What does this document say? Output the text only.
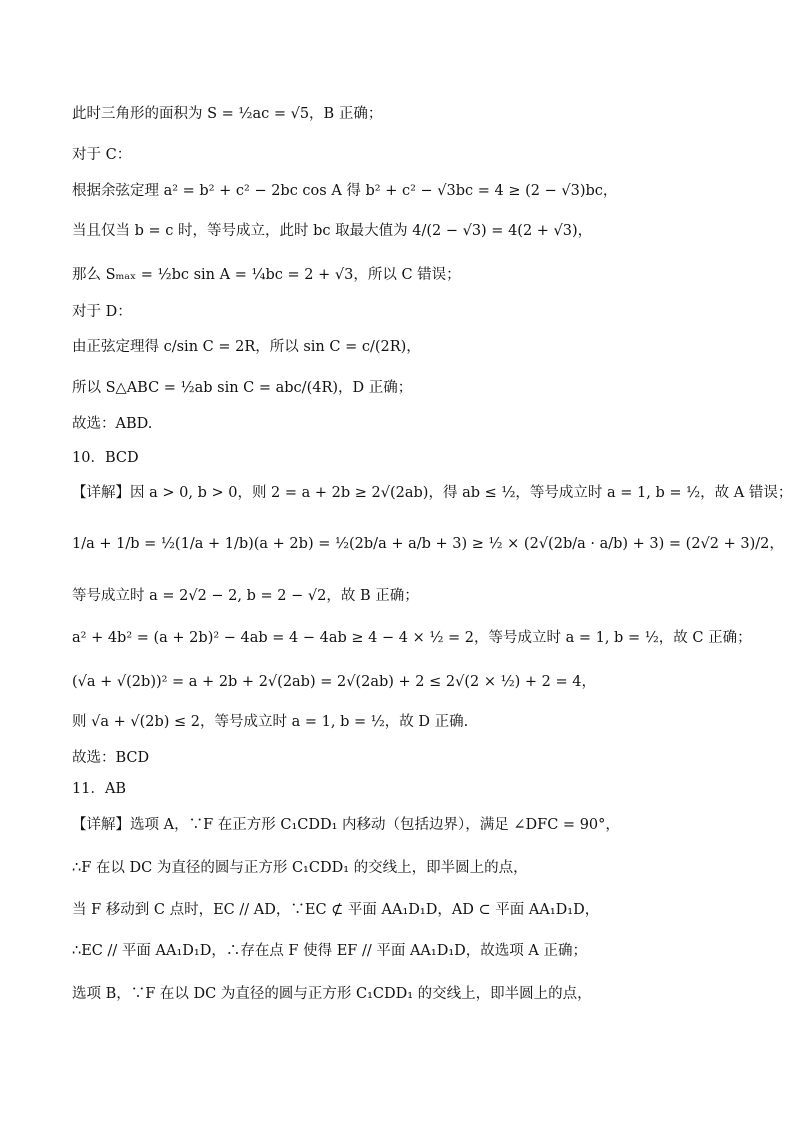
此时三角形的面积为 S = ½ac = √5，B 正确；
对于 C：
根据余弦定理 a² = b² + c² − 2bc cos A 得 b² + c² − √3bc = 4 ≥ (2 − √3)bc，
当且仅当 b = c 时，等号成立，此时 bc 取最大值为 4/(2 − √3) = 4(2 + √3)，
那么 Sₘₐₓ = ½bc sin A = ¼bc = 2 + √3，所以 C 错误；
对于 D：
由正弦定理得 c/sin C = 2R，所以 sin C = c/(2R)，
所以 S△ABC = ½ab sin C = abc/(4R)，D 正确；
故选：ABD.
10．BCD
【详解】因 a > 0, b > 0，则 2 = a + 2b ≥ 2√(2ab)，得 ab ≤ ½，等号成立时 a = 1, b = ½，故 A 错误；
1/a + 1/b = ½(1/a + 1/b)(a + 2b) = ½(2b/a + a/b + 3) ≥ ½ × (2√(2b/a · a/b) + 3) = (2√2 + 3)/2，
等号成立时 a = 2√2 − 2, b = 2 − √2，故 B 正确；
a² + 4b² = (a + 2b)² − 4ab = 4 − 4ab ≥ 4 − 4 × ½ = 2，等号成立时 a = 1, b = ½，故 C 正确；
(√a + √(2b))² = a + 2b + 2√(2ab) = 2√(2ab) + 2 ≤ 2√(2 × ½) + 2 = 4，
则 √a + √(2b) ≤ 2，等号成立时 a = 1, b = ½，故 D 正确.
故选：BCD
11．AB
【详解】选项 A，∵F 在正方形 C₁CDD₁ 内移动（包括边界），满足 ∠DFC = 90°，
∴F 在以 DC 为直径的圆与正方形 C₁CDD₁ 的交线上，即半圆上的点，
当 F 移动到 C 点时，EC // AD，∵EC ⊄ 平面 AA₁D₁D，AD ⊂ 平面 AA₁D₁D，
∴EC // 平面 AA₁D₁D，∴存在点 F 使得 EF // 平面 AA₁D₁D，故选项 A 正确；
选项 B，∵F 在以 DC 为直径的圆与正方形 C₁CDD₁ 的交线上，即半圆上的点，
